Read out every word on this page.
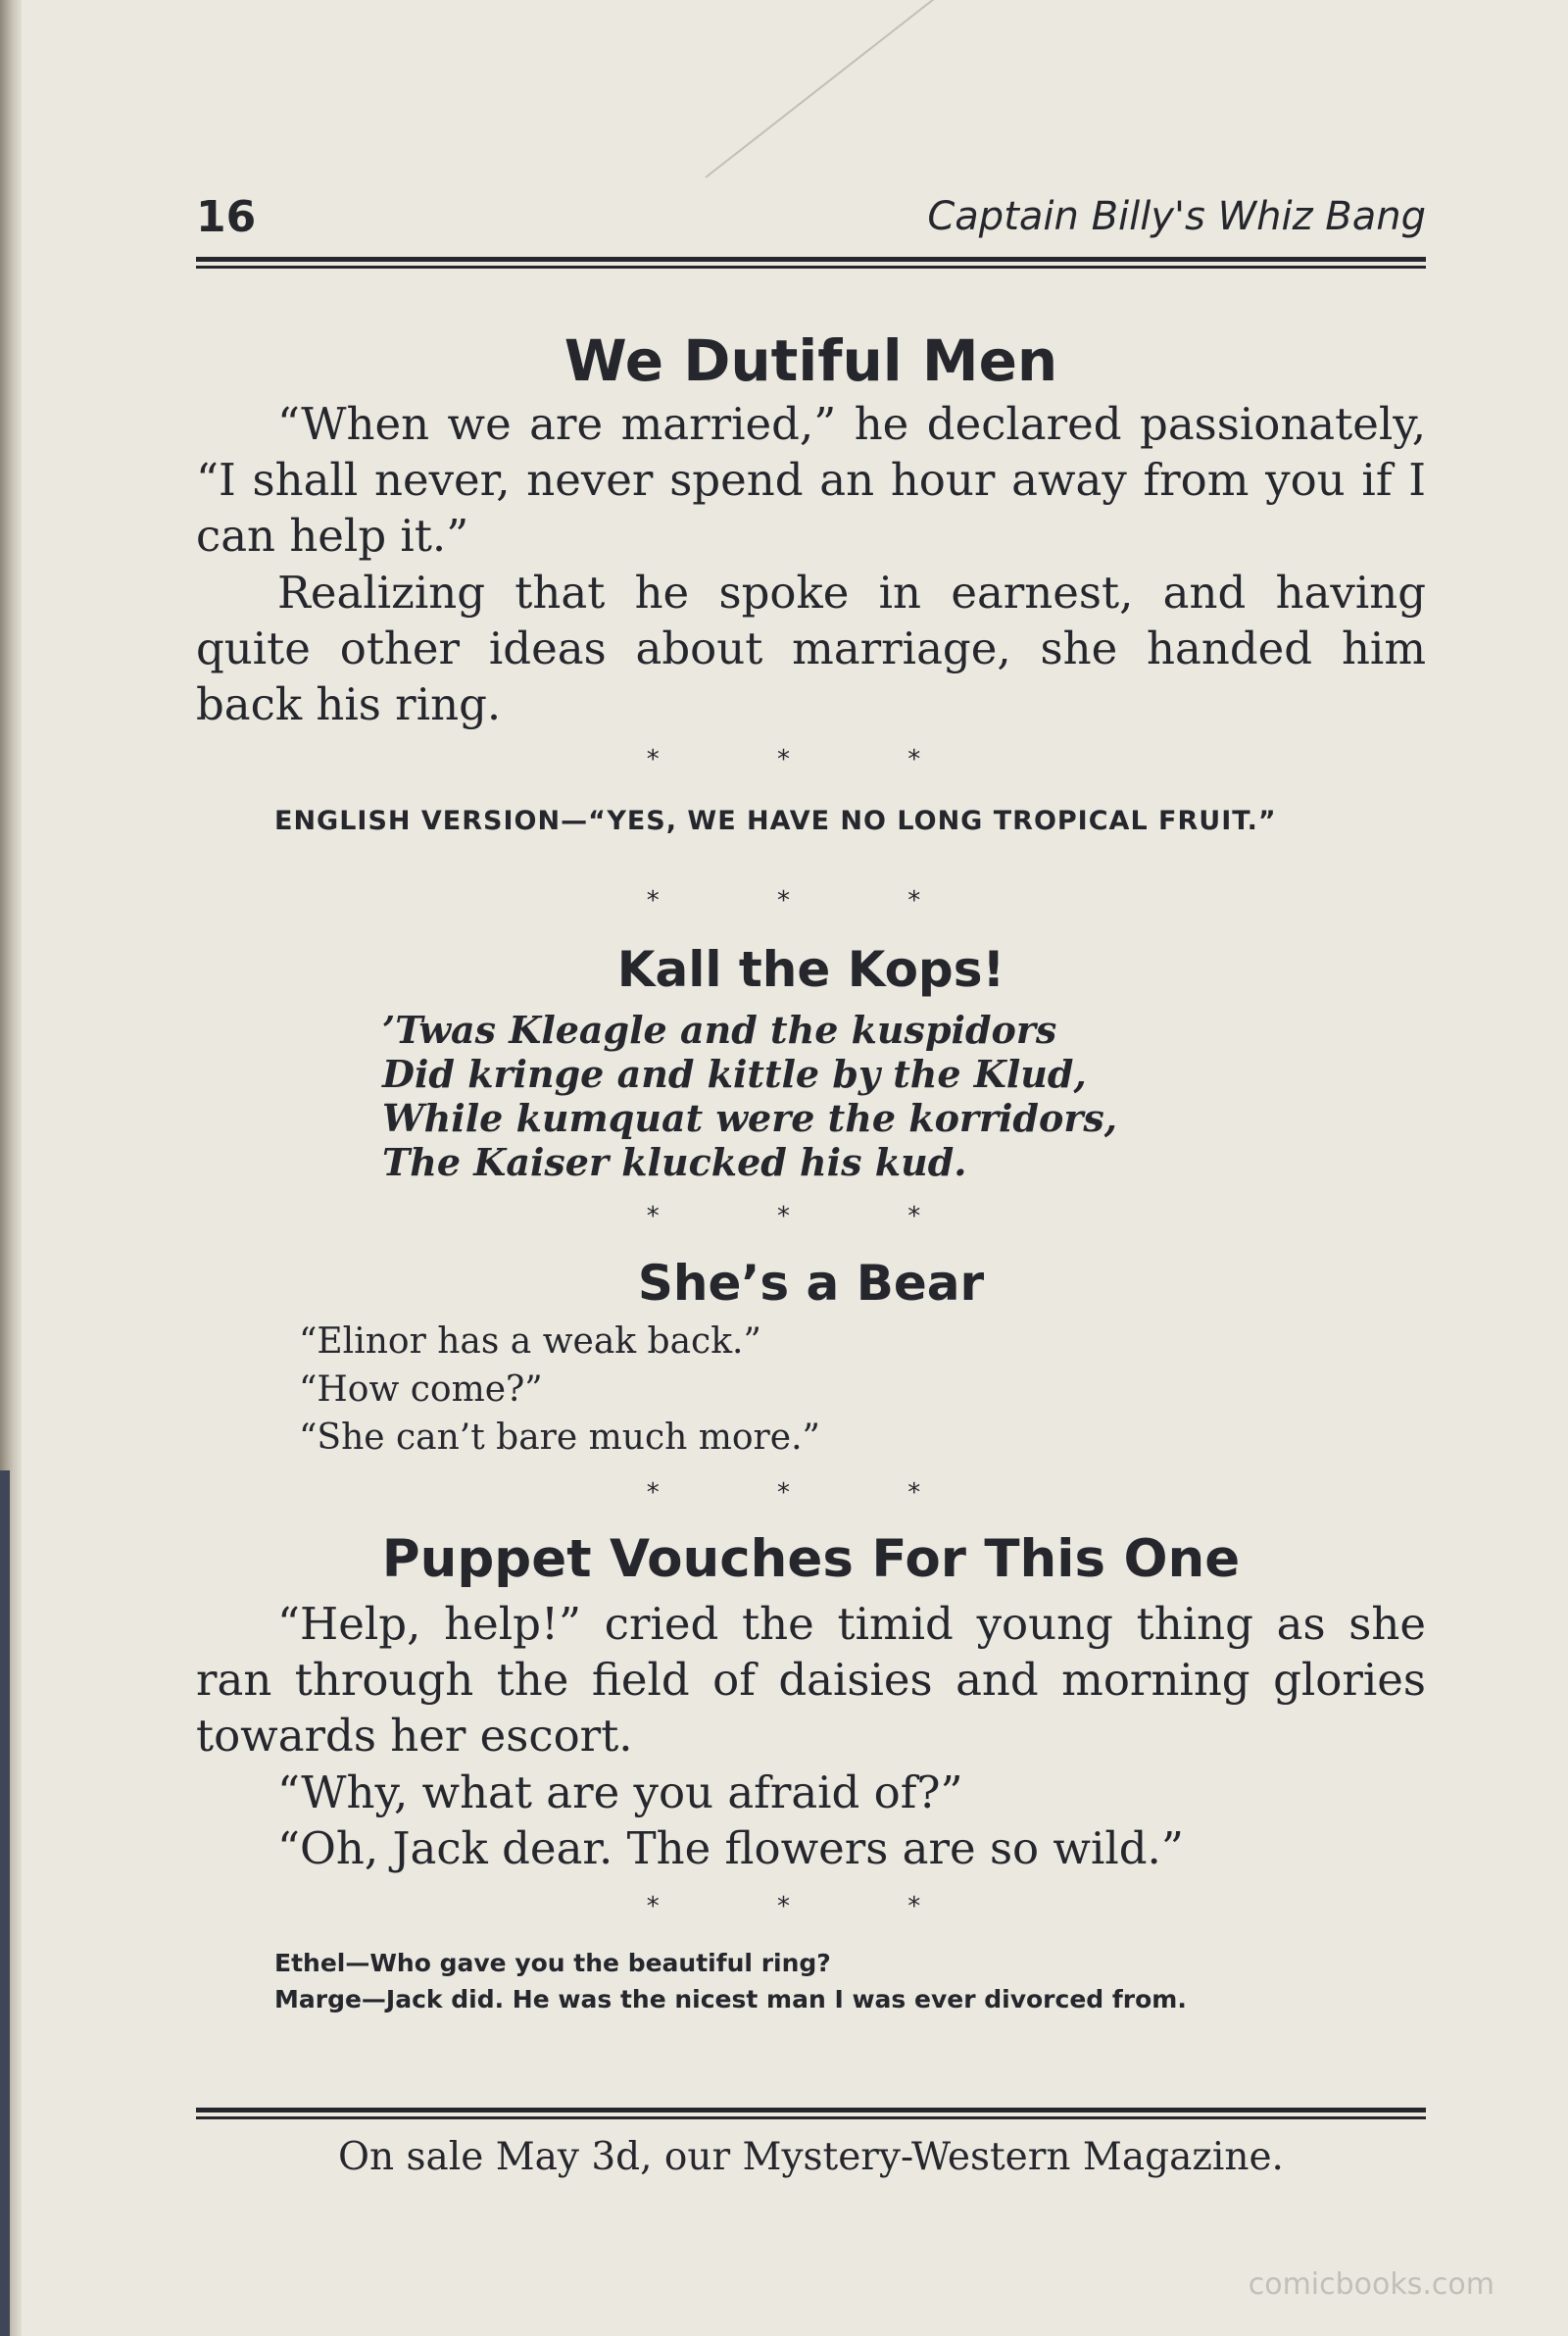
16	Captain Billy's Whiz Bang
We Dutiful Men
“When we are married,” he declared passionately, “I shall never, never spend an hour away from you if I can help it.”
Realizing that he spoke in earnest, and having quite other ideas about marriage, she handed him back his ring.
* * *
ENGLISH VERSION—“YES, WE HAVE NO LONG TROPICAL FRUIT.”
* * *
Kall the Kops!
’Twas Kleagle and the kuspidors
Did kringe and kittle by the Klud,
While kumquat were the korridors,
The Kaiser klucked his kud.
* * *
She’s a Bear
“Elinor has a weak back.”
“How come?”
“She can’t bare much more.”
* * *
Puppet Vouches For This One
“Help, help!” cried the timid young thing as she ran through the field of daisies and morning glories towards her escort.
“Why, what are you afraid of?”
“Oh, Jack dear. The flowers are so wild.”
* * *
Ethel—Who gave you the beautiful ring?
Marge—Jack did. He was the nicest man I was ever divorced from.
On sale May 3d, our Mystery-Western Magazine.
comicbooks.com
